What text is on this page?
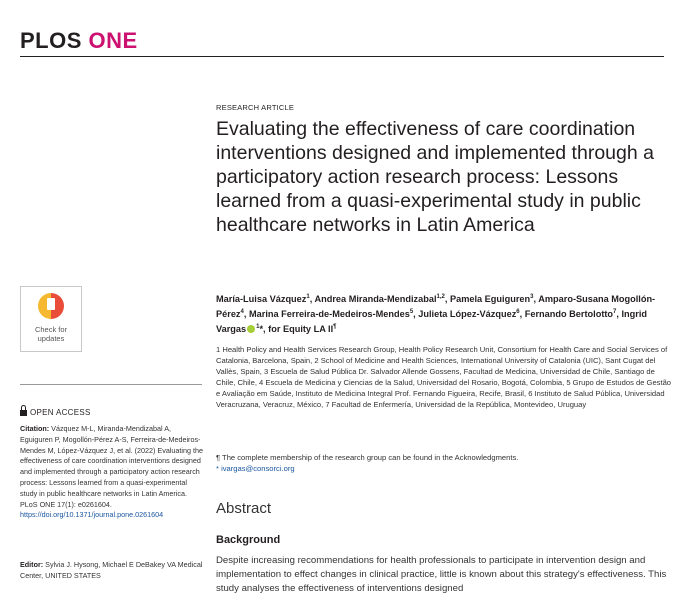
PLOS ONE
RESEARCH ARTICLE
Evaluating the effectiveness of care coordination interventions designed and implemented through a participatory action research process: Lessons learned from a quasi-experimental study in public healthcare networks in Latin America
María-Luisa Vázquez$^1$, Andrea Miranda-Mendizabal$^{1,2}$, Pamela Eguiguren$^3$, Amparo-Susana Mogollón-Pérez$^4$, Marina Ferreira-de-Medeiros-Mendes$^5$, Julieta López-Vázquez$^6$, Fernando Bertolotto$^7$, Ingrid Vargas $^1$*, for Equity LA II¶
1 Health Policy and Health Services Research Group, Health Policy Research Unit, Consortium for Health Care and Social Services of Catalonia, Barcelona, Spain, 2 School of Medicine and Health Sciences, International University of Catalonia (UIC), Sant Cugat del Vallès, Spain, 3 Escuela de Salud Pública Dr. Salvador Allende Gossens, Facultad de Medicina, Universidad de Chile, Santiago de Chile, Chile, 4 Escuela de Medicina y Ciencias de la Salud, Universidad del Rosario, Bogotá, Colombia, 5 Grupo de Estudos de Gestão e Avaliação em Saúde, Instituto de Medicina Integral Prof. Fernando Figueira, Recife, Brasil, 6 Instituto de Salud Pública, Universidad Veracruzana, Veracruz, México, 7 Facultad de Enfermería, Universidad de la República, Montevideo, Uruguay
¶ The complete membership of the research group can be found in the Acknowledgments.
* ivargas@consorci.org
Abstract
Background
Despite increasing recommendations for health professionals to participate in intervention design and implementation to effect changes in clinical practice, little is known about this strategy's effectiveness. This study analyses the effectiveness of interventions designed
Check for updates
OPEN ACCESS
Citation: Vázquez M-L, Miranda-Mendizabal A, Eguiguren P, Mogollón-Pérez A-S, Ferreira-de-Medeiros-Mendes M, López-Vázquez J, et al. (2022) Evaluating the effectiveness of care coordination interventions designed and implemented through a participatory action research process: Lessons learned from a quasi-experimental study in public healthcare networks in Latin America. PLoS ONE 17(1): e0261604. https://doi.org/10.1371/journal.pone.0261604
Editor: Sylvia J. Hysong, Michael E DeBakey VA Medical Center, UNITED STATES
